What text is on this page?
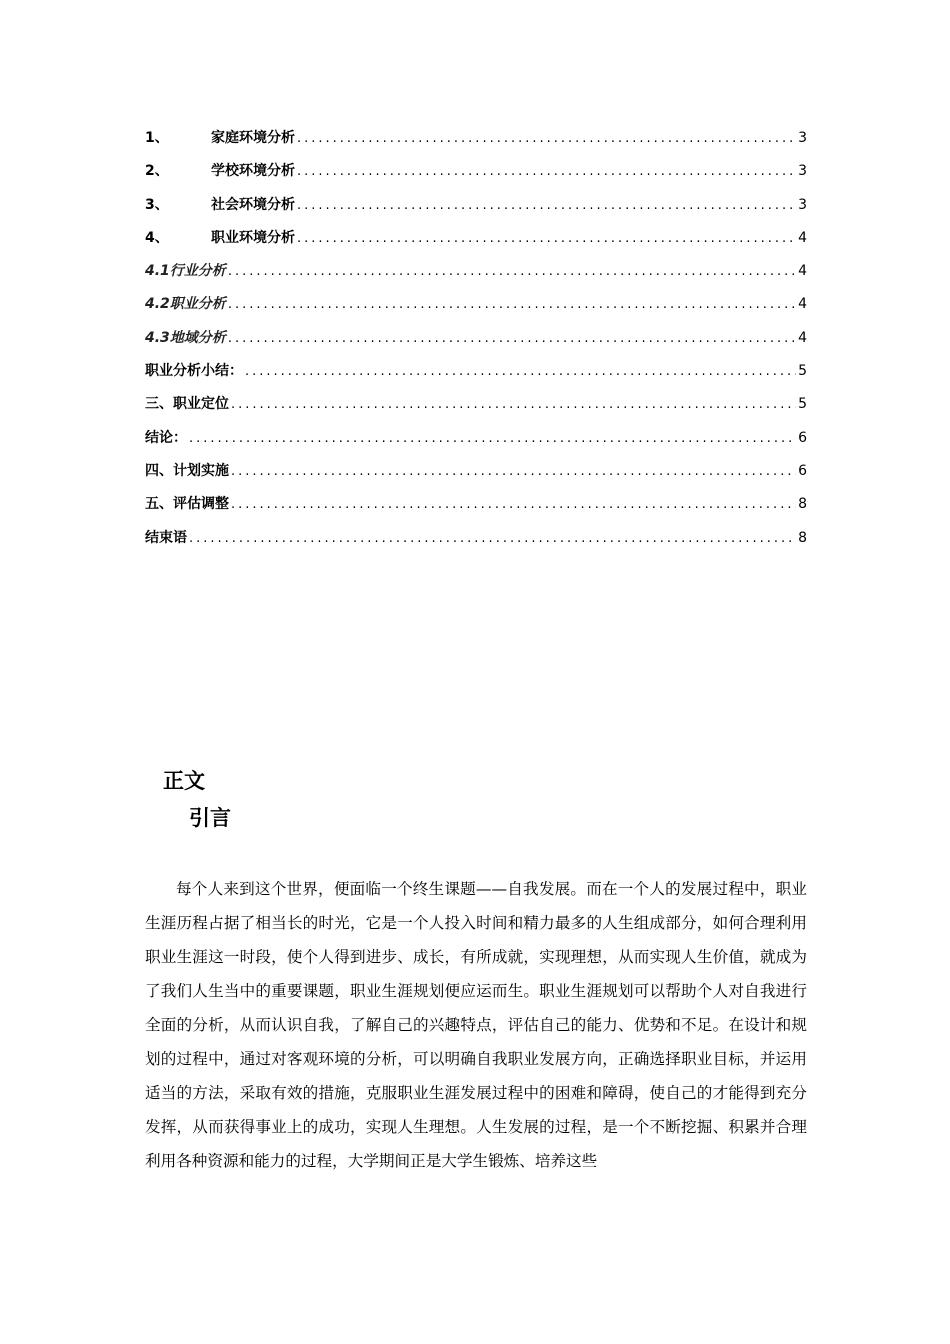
1、	家庭环境分析 .....	3
2、	学校环境分析 .....	3
3、	社会环境分析 .....	3
4、	职业环境分析 .....	4
4.1行业分析 .....	4
4.2职业分析 .....	4
4.3地域分析 .....	4
职业分析小结： .....	5
三、职业定位 .....	5
结论： .....	6
四、计划实施 .....	6
五、评估调整 .....	8
结束语 .....	8
正文
引言

每个人来到这个世界，便面临一个终生课题——自我发展。而在一个人的发展过程中，职业生涯历程占据了相当长的时光，它是一个人投入时间和精力最多的人生组成部分，如何合理利用职业生涯这一时段，使个人得到进步、成长，有所成就，实现理想，从而实现人生价值，就成为了我们人生当中的重要课题，职业生涯规划便应运而生。职业生涯规划可以帮助个人对自我进行全面的分析，从而认识自我，了解自己的兴趣特点，评估自己的能力、优势和不足。在设计和规划的过程中，通过对客观环境的分析，可以明确自我职业发展方向，正确选择职业目标，并运用适当的方法，采取有效的措施，克服职业生涯发展过程中的困难和障碍，使自己的才能得到充分发挥，从而获得事业上的成功，实现人生理想。人生发展的过程，是一个不断挖掘、积累并合理利用各种资源和能力的过程，大学期间正是大学生锻炼、培养这些
